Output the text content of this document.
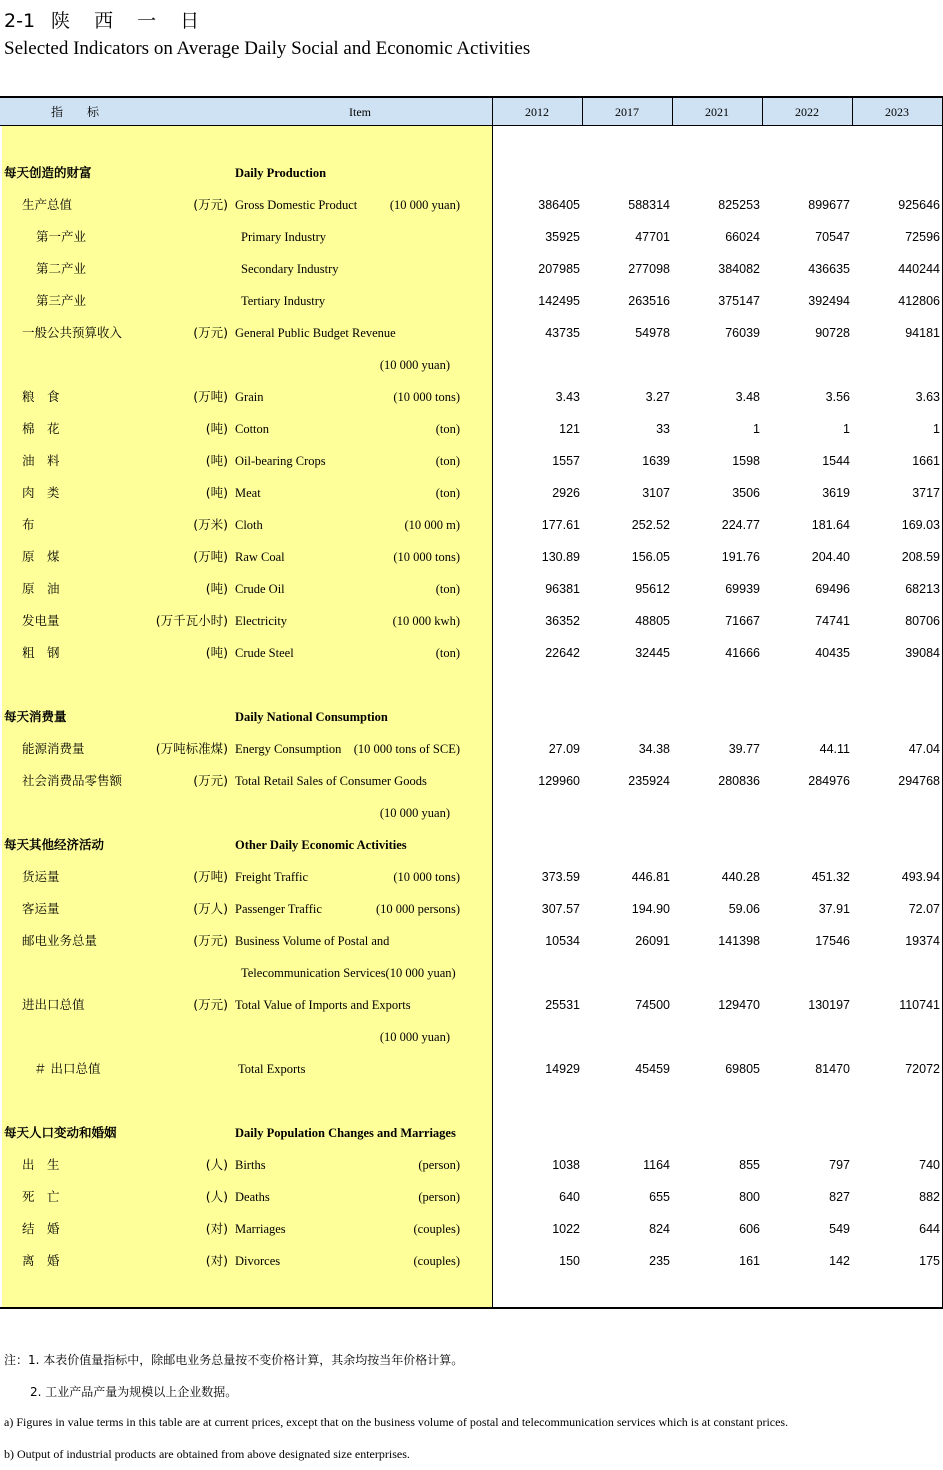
2-1 陕 西 一 日
Selected Indicators on Average Daily Social and Economic Activities
指　　标	Item	2012	2017	2021	2022	2023
每天创造的财富	Daily Production
生产总值	(万元) Gross Domestic Product	(10 000 yuan)	386405	588314	825253	899677	925646
第一产业	Primary Industry	35925	47701	66024	70547	72596
第二产业	Secondary Industry	207985	277098	384082	436635	440244
第三产业	Tertiary Industry	142495	263516	375147	392494	412806
一般公共预算收入	(万元) General Public Budget Revenue	43735	54978	76039	90728	94181
(10 000 yuan)
粮　食	(万吨) Grain	(10 000 tons)	3.43	3.27	3.48	3.56	3.63
棉　花	(吨) Cotton	(ton)	121	33	1	1	1
油　料	(吨) Oil-bearing Crops	(ton)	1557	1639	1598	1544	1661
肉　类	(吨) Meat	(ton)	2926	3107	3506	3619	3717
布	(万米) Cloth	(10 000 m)	177.61	252.52	224.77	181.64	169.03
原　煤	(万吨) Raw Coal	(10 000 tons)	130.89	156.05	191.76	204.40	208.59
原　油	(吨) Crude Oil	(ton)	96381	95612	69939	69496	68213
发电量	(万千瓦小时) Electricity	(10 000 kwh)	36352	48805	71667	74741	80706
粗　钢	(吨) Crude Steel	(ton)	22642	32445	41666	40435	39084
每天消费量	Daily National Consumption
能源消费量	(万吨标准煤) Energy Consumption (10 000 tons of SCE)	27.09	34.38	39.77	44.11	47.04
社会消费品零售额	(万元) Total Retail Sales of Consumer Goods	129960	235924	280836	284976	294768
(10 000 yuan)
每天其他经济活动	Other Daily Economic Activities
货运量	(万吨) Freight Traffic	(10 000 tons)	373.59	446.81	440.28	451.32	493.94
客运量	(万人) Passenger Traffic	(10 000 persons)	307.57	194.90	59.06	37.91	72.07
邮电业务总量	(万元) Business Volume of Postal and	10534	26091	141398	17546	19374
Telecommunication Services(10 000 yuan)
进出口总值	(万元) Total Value of Imports and Exports	25531	74500	129470	130197	110741
(10 000 yuan)
＃ 出口总值	Total Exports	14929	45459	69805	81470	72072
每天人口变动和婚姻	Daily Population Changes and Marriages
出　生	(人) Births	(person)	1038	1164	855	797	740
死　亡	(人) Deaths	(person)	640	655	800	827	882
结　婚	(对) Marriages	(couples)	1022	824	606	549	644
离　婚	(对) Divorces	(couples)	150	235	161	142	175
注：1. 本表价值量指标中，除邮电业务总量按不变价格计算，其余均按当年价格计算。
2. 工业产品产量为规模以上企业数据。
a) Figures in value terms in this table are at current prices, except that on the business volume of postal and telecommunication services which is at constant prices.
b) Output of industrial products are obtained from above designated size enterprises.
